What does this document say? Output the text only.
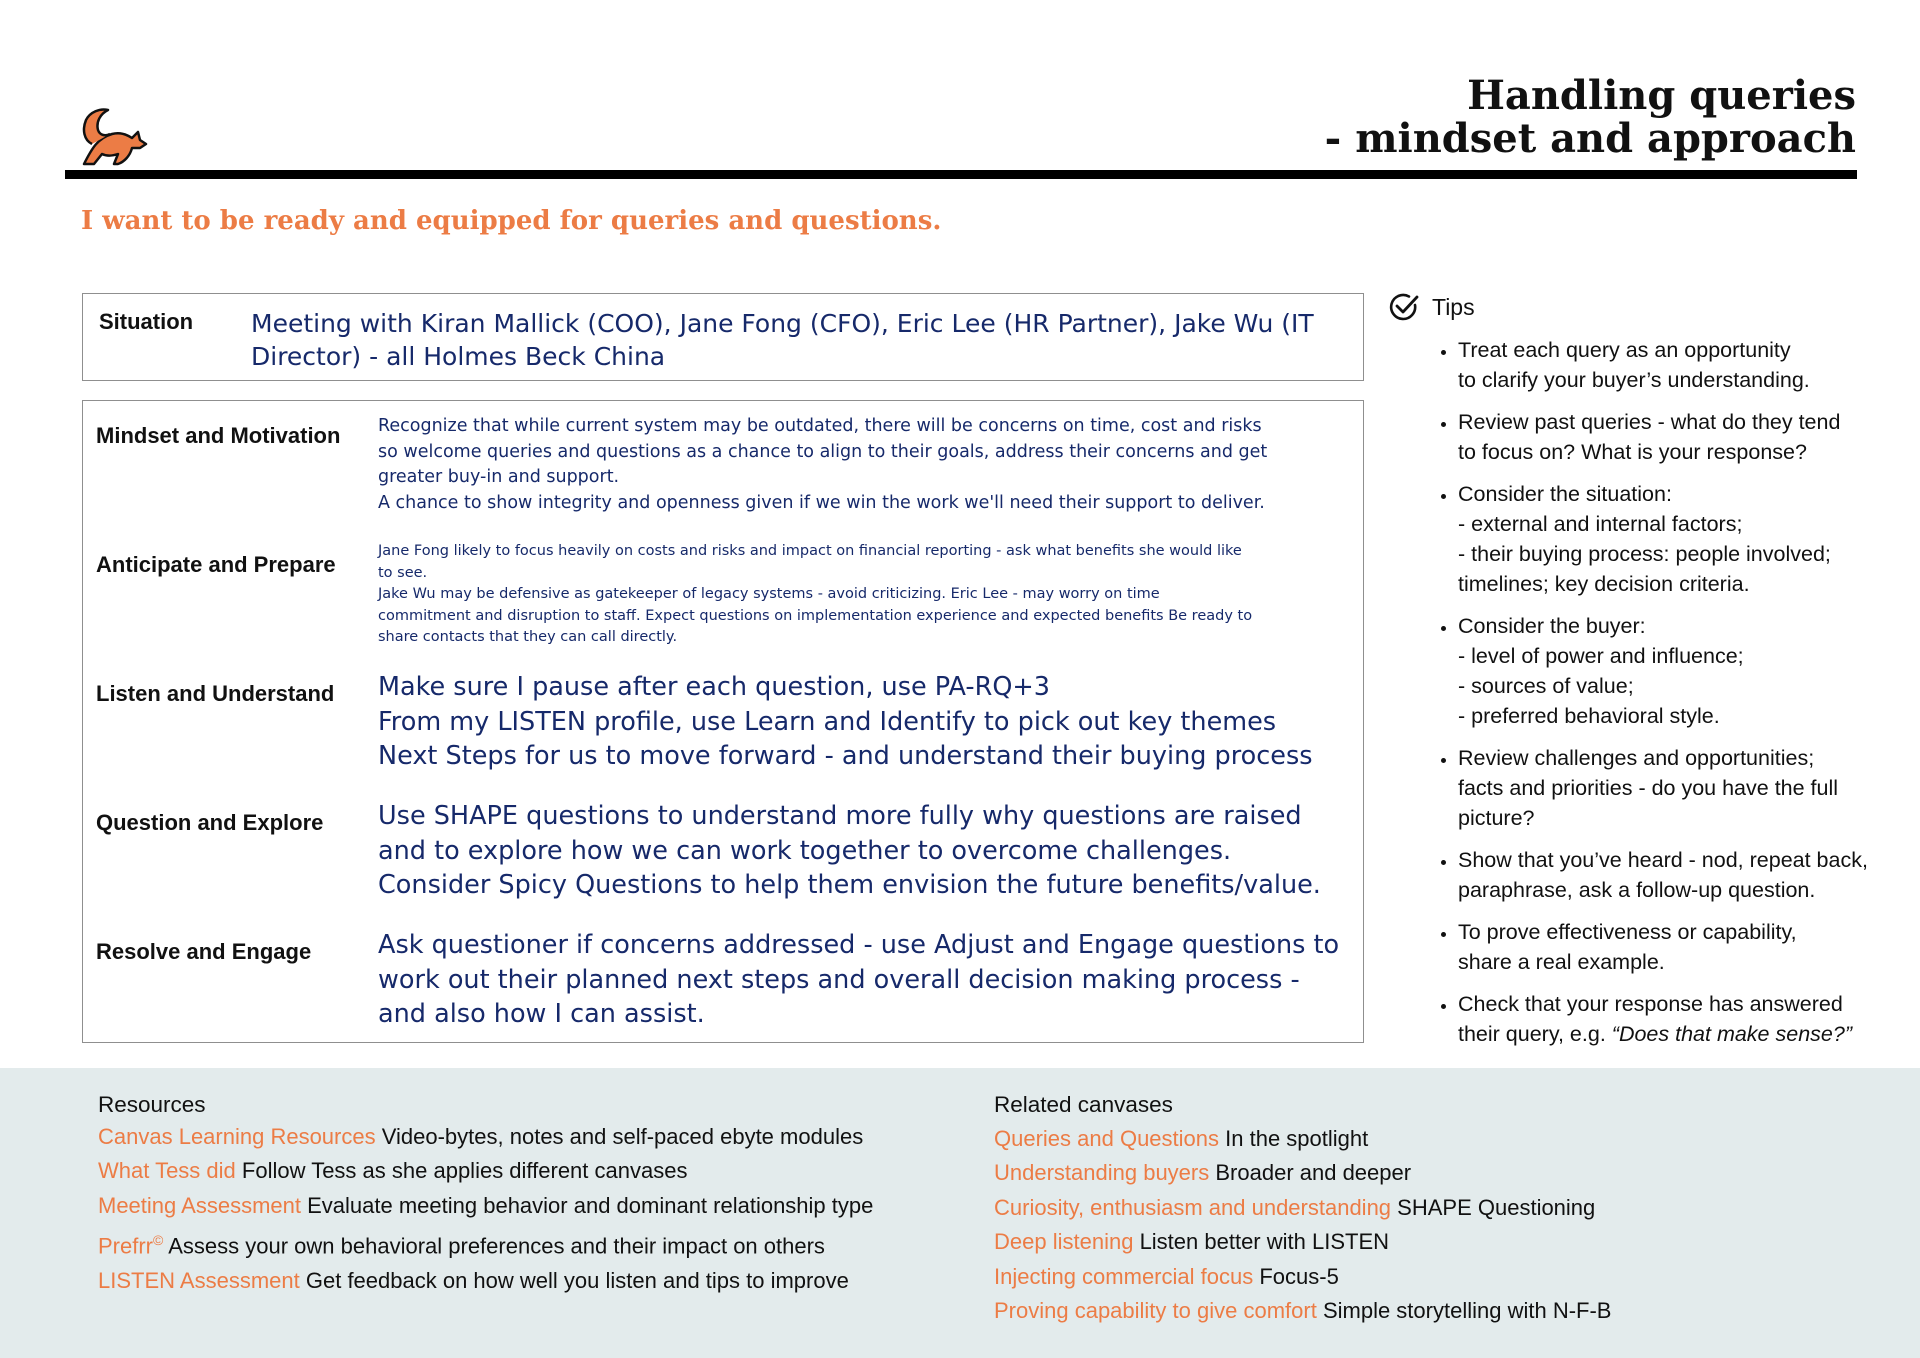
Handling queries
- mindset and approach
I want to be ready and equipped for queries and questions.
Situation Meeting with Kiran Mallick (COO), Jane Fong (CFO), Eric Lee (HR Partner), Jake Wu (IT
Director) - all Holmes Beck China
Mindset and Motivation Recognize that while current system may be outdated, there will be concerns on time, cost and risks
so welcome queries and questions as a chance to align to their goals, address their concerns and get
greater buy-in and support.
A chance to show integrity and openness given if we win the work we'll need their support to deliver.
Anticipate and Prepare
Jane Fong likely to focus heavily on costs and risks and impact on financial reporting - ask what benefits she would like
to see.
Jake Wu may be defensive as gatekeeper of legacy systems - avoid criticizing. Eric Lee - may worry on time
commitment and disruption to staff. Expect questions on implementation experience and expected benefits Be ready to
share contacts that they can call directly.
Listen and Understand Make sure I pause after each question, use PA-RQ+3
From my LISTEN profile, use Learn and Identify to pick out key themes
Next Steps for us to move forward - and understand their buying process
Question and Explore Use SHAPE questions to understand more fully why questions are raised
and to explore how we can work together to overcome challenges.
Consider Spicy Questions to help them envision the future benefits/value.
Resolve and Engage	Ask questioner if concerns addressed - use Adjust and Engage questions to
work out their planned next steps and overall decision making process -
and also how I can assist.
Tips
• Treat each query as an opportunity
to clarify your buyer’s understanding.
• Review past queries - what do they tend
to focus on? What is your response?
• Consider the situation:
- external and internal factors;
- their buying process: people involved;
timelines; key decision criteria.
• Consider the buyer:
- level of power and influence;
- sources of value;
- preferred behavioral style.
• Review challenges and opportunities;
facts and priorities - do you have the full
picture?
• Show that you’ve heard - nod, repeat back,
paraphrase, ask a follow-up question.
• To prove effectiveness or capability,
share a real example.
• Check that your response has answered
their query, e.g. “Does that make sense?”
Resources
Canvas Learning Resources Video-bytes, notes and self-paced ebyte modules
What Tess did Follow Tess as she applies different canvases
Meeting Assessment Evaluate meeting behavior and dominant relationship type
Prefrr© Assess your own behavioral preferences and their impact on others
LISTEN Assessment Get feedback on how well you listen and tips to improve
Related canvases
Queries and Questions In the spotlight
Understanding buyers Broader and deeper
Curiosity, enthusiasm and understanding SHAPE Questioning
Deep listening Listen better with LISTEN
Injecting commercial focus Focus-5
Proving capability to give comfort Simple storytelling with N-F-B
